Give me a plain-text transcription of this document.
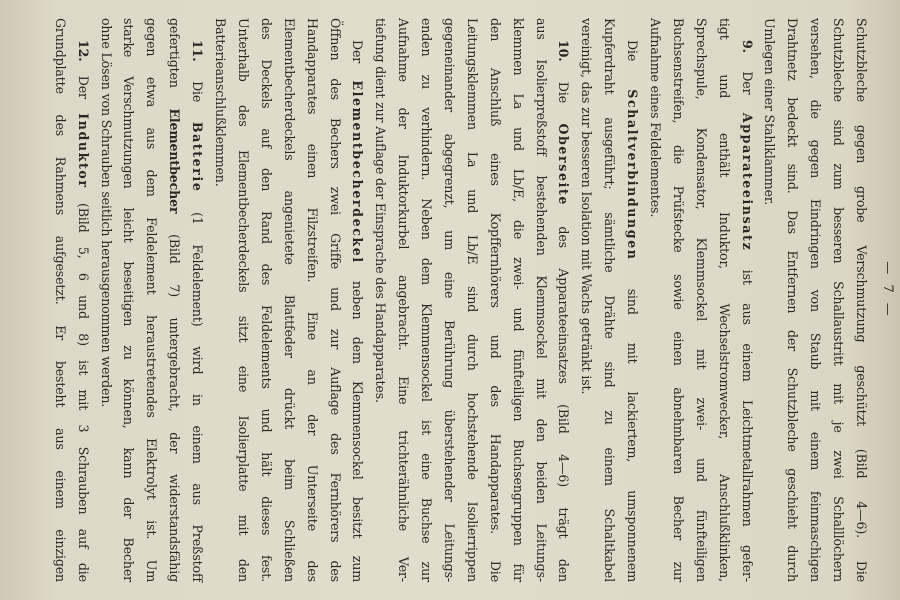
— 7 —
Schutzbleche gegen grobe Verschmutzung geschützt (Bild 4—6). Die
Schutzbleche sind zum besseren Schallaustritt mit je zwei Schalllöchern
versehen, die gegen Eindringen von Staub mit einem feinmaschigen
Drahtnetz bedeckt sind. Das Entfernen der Schutzbleche geschieht durch
Umlegen einer Stahlklammer.
9. Der Apparateeinsatz ist aus einem Leichtmetallrahmen gefer-
tigt und enthält Induktor, Wechselstromwecker, Anschlußklinken,
Sprechspule, Kondensator, Klemmsockel mit zwei- und fünfteiligen
Buchsenstreifen, die Prüfstecke sowie einen abnehmbaren Becher zur
Aufnahme eines Feldelementes.
Die Schaltverbindungen sind mit lackiertem, umsponnenem
Kupferdraht ausgeführt; sämtliche Drähte sind zu einem Schaltkabel
vereinigt, das zur besseren Isolation mit Wachs getränkt ist.
10. Die Oberseite des Apparateeinsatzes (Bild 4—6) trägt den
aus Isolierpreßstoff bestehenden Klemmsockel mit den beiden Leitungs-
klemmen La und Lb/E, die zwei- und fünfteiligen Buchsengruppen für
den Anschluß eines Kopffernhörers und des Handapparates. Die
Leitungsklemmen La und Lb/E sind durch hochstehende Isolierrippen
gegeneinander abgegrenzt, um eine Berührung überstehender Leitungs-
enden zu verhindern. Neben dem Klemmensockel ist eine Buchse zur
Aufnahme der Induktorkurbel angebracht. Eine trichterähnliche Ver-
tiefung dient zur Auflage der Einsprache des Handapparates.
Der Elementbecherdeckel neben dem Klemmensockel besitzt zum
Öffnen des Bechers zwei Griffe und zur Auflage des Fernhörers des
Handapparates einen Filzstreifen. Eine an der Unterseite des
Elementbecherdeckels angenietete Blattfeder drückt beim Schließen
des Deckels auf den Rand des Feldelements und hält dieses fest.
Unterhalb des Elementbecherdeckels sitzt eine Isolierplatte mit den
Batterieanschlußklemmen.
11. Die Batterie (1 Feldelement) wird in einem aus Preßstoff
gefertigten Elementbecher (Bild 7) untergebracht, der widerstandsfähig
gegen etwa aus dem Feldelement heraustretendes Elektrolyt ist. Um
starke Verschmutzungen leicht beseitigen zu können, kann der Becher
ohne Lösen von Schrauben seitlich herausgenommen werden.
12. Der Induktor (Bild 5, 6 und 8) ist mit 3 Schrauben auf die
Grundplatte des Rahmens aufgesetzt. Er besteht aus einem einzigen
